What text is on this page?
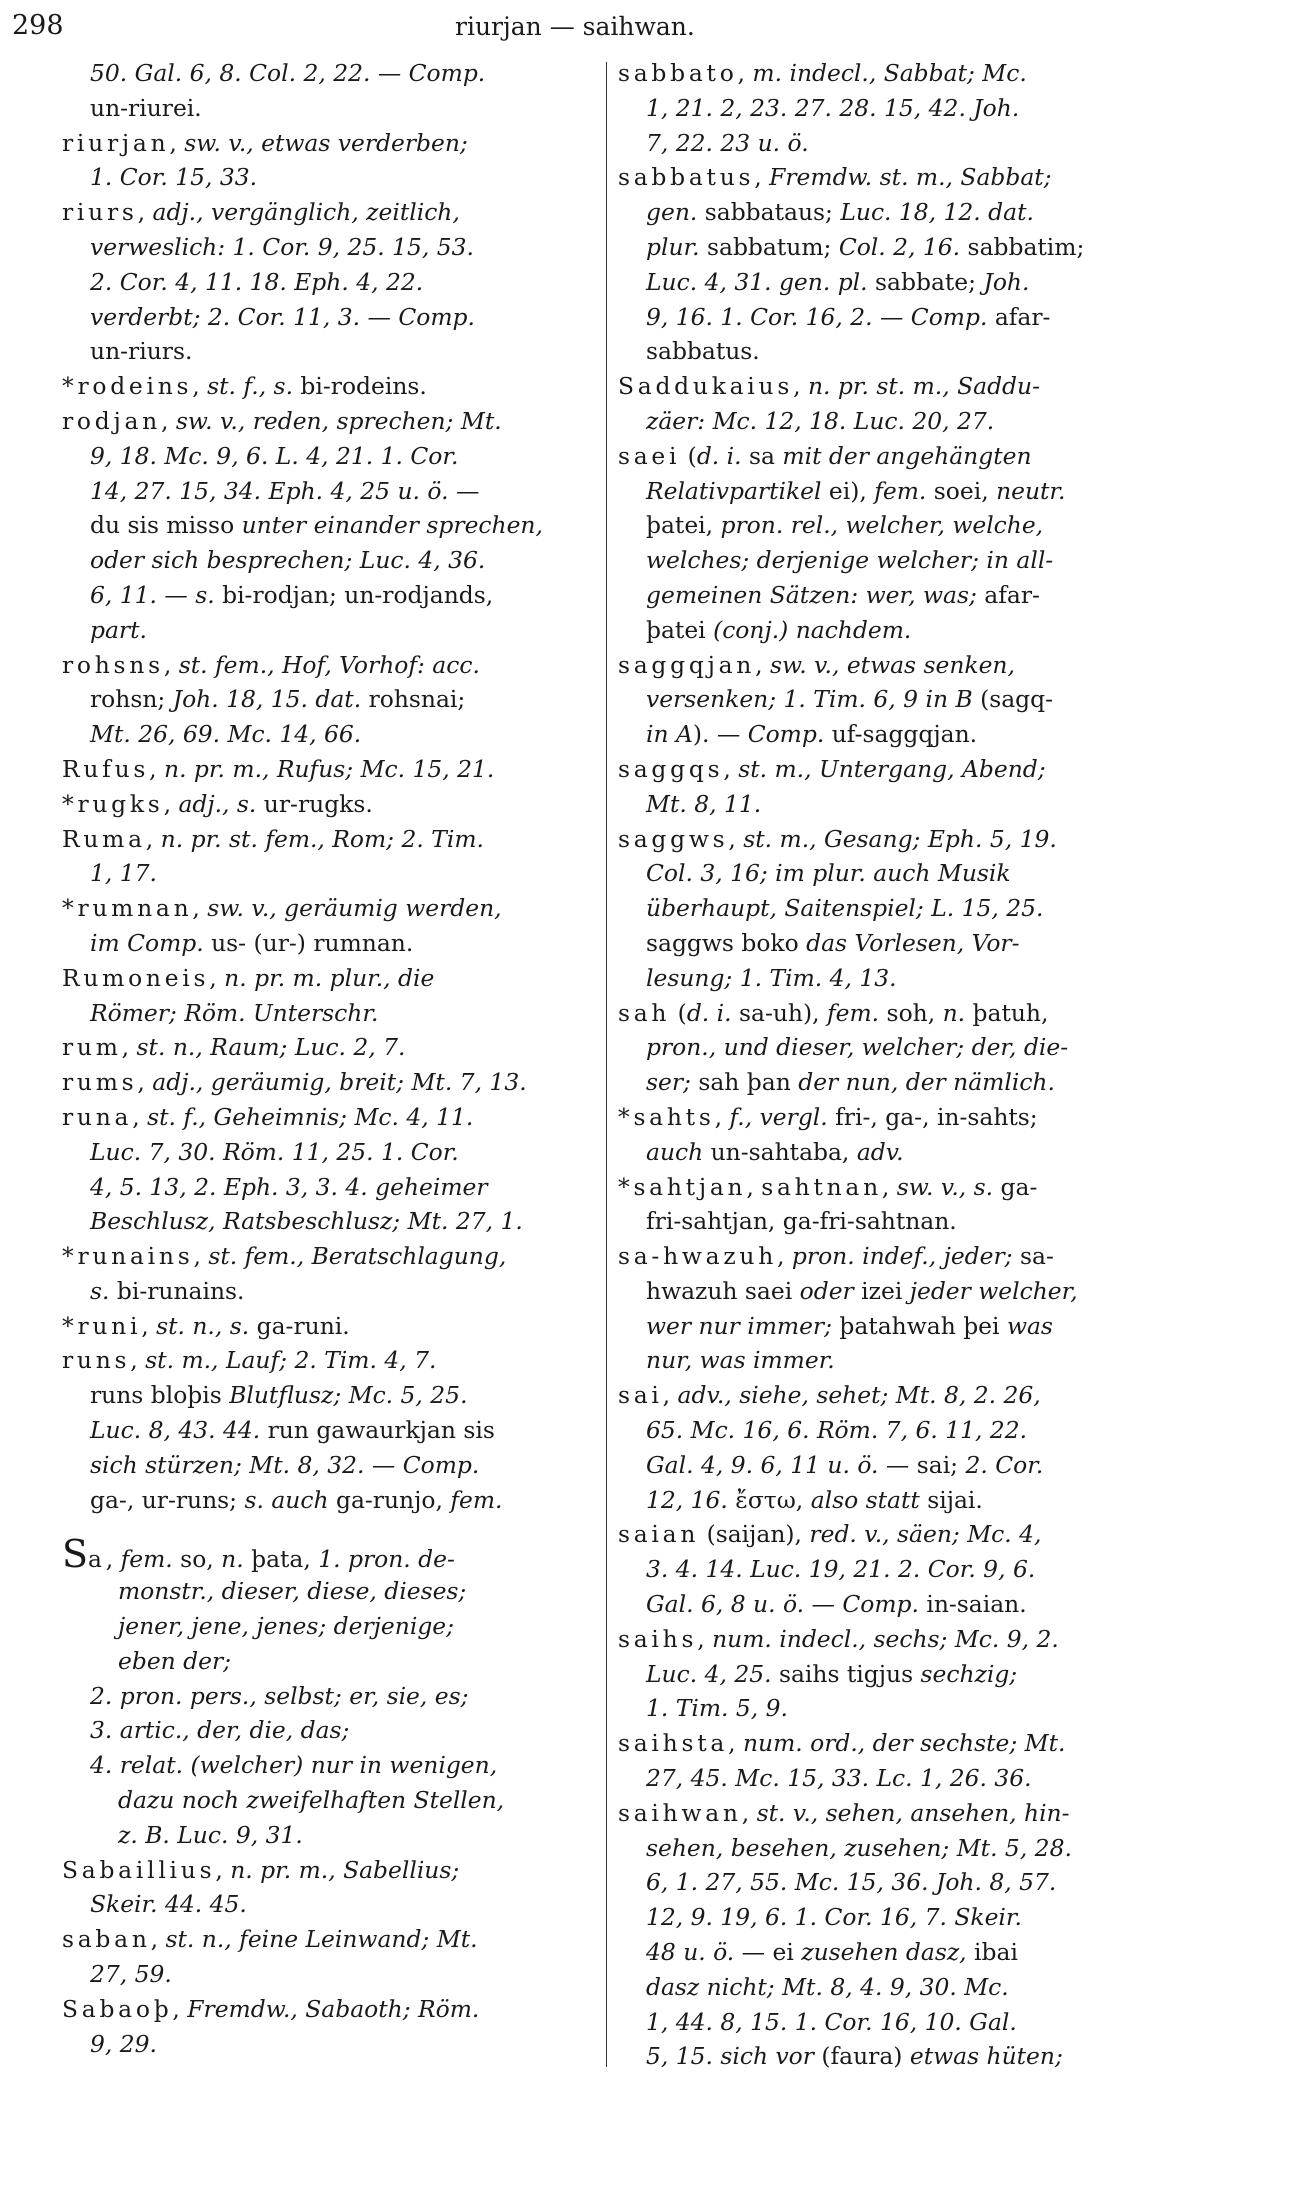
298	riurjan — saihwan.
50. Gal. 6, 8. Col. 2, 22. — Comp.
un-riurei.
riurjan, sw. v., etwas verderben;
1. Cor. 15, 33.
riurs, adj., vergänglich, zeitlich,
verweslich: 1. Cor. 9, 25. 15, 53.
2. Cor. 4, 11. 18. Eph. 4, 22.
verderbt; 2. Cor. 11, 3. — Comp.
un-riurs.
*rodeins, st. f., s. bi-rodeins.
rodjan, sw. v., reden, sprechen; Mt.
9, 18. Mc. 9, 6. L. 4, 21. 1. Cor.
14, 27. 15, 34. Eph. 4, 25 u. ö. —
du sis misso unter einander sprechen,
oder sich besprechen; Luc. 4, 36.
6, 11. — s. bi-rodjan; un-rodjands,
part.
rohsns, st. fem., Hof, Vorhof: acc.
rohsn; Joh. 18, 15. dat. rohsnai;
Mt. 26, 69. Mc. 14, 66.
Rufus, n. pr. m., Rufus; Mc. 15, 21.
*rugks, adj., s. ur-rugks.
Ruma, n. pr. st. fem., Rom; 2. Tim.
1, 17.
*rumnan, sw. v., geräumig werden,
im Comp. us- (ur-) rumnan.
Rumoneis, n. pr. m. plur., die
Römer; Röm. Unterschr.
rum, st. n., Raum; Luc. 2, 7.
rums, adj., geräumig, breit; Mt. 7, 13.
runa, st. f., Geheimnis; Mc. 4, 11.
Luc. 7, 30. Röm. 11, 25. 1. Cor.
4, 5. 13, 2. Eph. 3, 3. 4. geheimer
Beschlusz, Ratsbeschlusz; Mt. 27, 1.
*runains, st. fem., Beratschlagung,
s. bi-runains.
*runi, st. n., s. ga-runi.
runs, st. m., Lauf; 2. Tim. 4, 7.
runs bloþis Blutflusz; Mc. 5, 25.
Luc. 8, 43. 44. run gawaurkjan sis
sich stürzen; Mt. 8, 32. — Comp.
ga-, ur-runs; s. auch ga-runjo, fem.
Sa, fem. so, n. þata, 1. pron. de-
monstr., dieser, diese, dieses;
jener, jene, jenes; derjenige;
eben der;
2. pron. pers., selbst; er, sie, es;
3. artic., der, die, das;
4. relat. (welcher) nur in wenigen,
dazu noch zweifelhaften Stellen,
z. B. Luc. 9, 31.
Sabaillius, n. pr. m., Sabellius;
Skeir. 44. 45.
saban, st. n., feine Leinwand; Mt.
27, 59.
Sabaoþ, Fremdw., Sabaoth; Röm.
9, 29.
sabbato, m. indecl., Sabbat; Mc.
1, 21. 2, 23. 27. 28. 15, 42. Joh.
7, 22. 23 u. ö.
sabbatus, Fremdw. st. m., Sabbat;
gen. sabbataus; Luc. 18, 12. dat.
plur. sabbatum; Col. 2, 16. sabbatim;
Luc. 4, 31. gen. pl. sabbate; Joh.
9, 16. 1. Cor. 16, 2. — Comp. afar-
sabbatus.
Saddukaius, n. pr. st. m., Saddu-
zäer: Mc. 12, 18. Luc. 20, 27.
saei (d. i. sa mit der angehängten
Relativpartikel ei), fem. soei, neutr.
þatei, pron. rel., welcher, welche,
welches; derjenige welcher; in all-
gemeinen Sätzen: wer, was; afar-
þatei (conj.) nachdem.
saggqjan, sw. v., etwas senken,
versenken; 1. Tim. 6, 9 in B (sagq-
in A). — Comp. uf-saggqjan.
saggqs, st. m., Untergang, Abend;
Mt. 8, 11.
saggws, st. m., Gesang; Eph. 5, 19.
Col. 3, 16; im plur. auch Musik
überhaupt, Saitenspiel; L. 15, 25.
saggws boko das Vorlesen, Vor-
lesung; 1. Tim. 4, 13.
sah (d. i. sa-uh), fem. soh, n. þatuh,
pron., und dieser, welcher; der, die-
ser; sah þan der nun, der nämlich.
*sahts, f., vergl. fri-, ga-, in-sahts;
auch un-sahtaba, adv.
*sahtjan, sahtnan, sw. v., s. ga-
fri-sahtjan, ga-fri-sahtnan.
sa-hwazuh, pron. indef., jeder; sa-
hwazuh saei oder izei jeder welcher,
wer nur immer; þatahwah þei was
nur, was immer.
sai, adv., siehe, sehet; Mt. 8, 2. 26,
65. Mc. 16, 6. Röm. 7, 6. 11, 22.
Gal. 4, 9. 6, 11 u. ö. — sai; 2. Cor.
12, 16. ἔστω, also statt sijai.
saian (saijan), red. v., säen; Mc. 4,
3. 4. 14. Luc. 19, 21. 2. Cor. 9, 6.
Gal. 6, 8 u. ö. — Comp. in-saian.
saihs, num. indecl., sechs; Mc. 9, 2.
Luc. 4, 25. saihs tigjus sechzig;
1. Tim. 5, 9.
saihsta, num. ord., der sechste; Mt.
27, 45. Mc. 15, 33. Lc. 1, 26. 36.
saihwan, st. v., sehen, ansehen, hin-
sehen, besehen, zusehen; Mt. 5, 28.
6, 1. 27, 55. Mc. 15, 36. Joh. 8, 57.
12, 9. 19, 6. 1. Cor. 16, 7. Skeir.
48 u. ö. — ei zusehen dasz, ibai
dasz nicht; Mt. 8, 4. 9, 30. Mc.
1, 44. 8, 15. 1. Cor. 16, 10. Gal.
5, 15. sich vor (faura) etwas hüten;
